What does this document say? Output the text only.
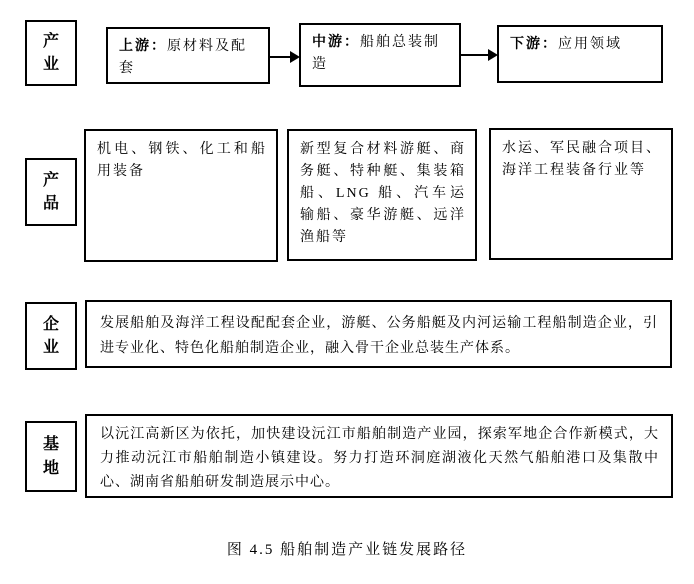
产业
上游：原材料及配套
中游：船舶总装制造
下游：应用领域
产品
机电、钢铁、化工和船用装备
新型复合材料游艇、商务艇、特种艇、集装箱船、LNG 船、汽车运输船、豪华游艇、远洋渔船等
水运、军民融合项目、海洋工程装备行业等
企业
发展船舶及海洋工程设配配套企业，游艇、公务船艇及内河运输工程船制造企业，引进专业化、特色化船舶制造企业，融入骨干企业总装生产体系。
基地
以沅江高新区为依托，加快建设沅江市船舶制造产业园，探索军地企合作新模式，大力推动沅江市船舶制造小镇建设。努力打造环洞庭湖液化天然气船舶港口及集散中心、湖南省船舶研发制造展示中心。
图 4.5 船舶制造产业链发展路径
